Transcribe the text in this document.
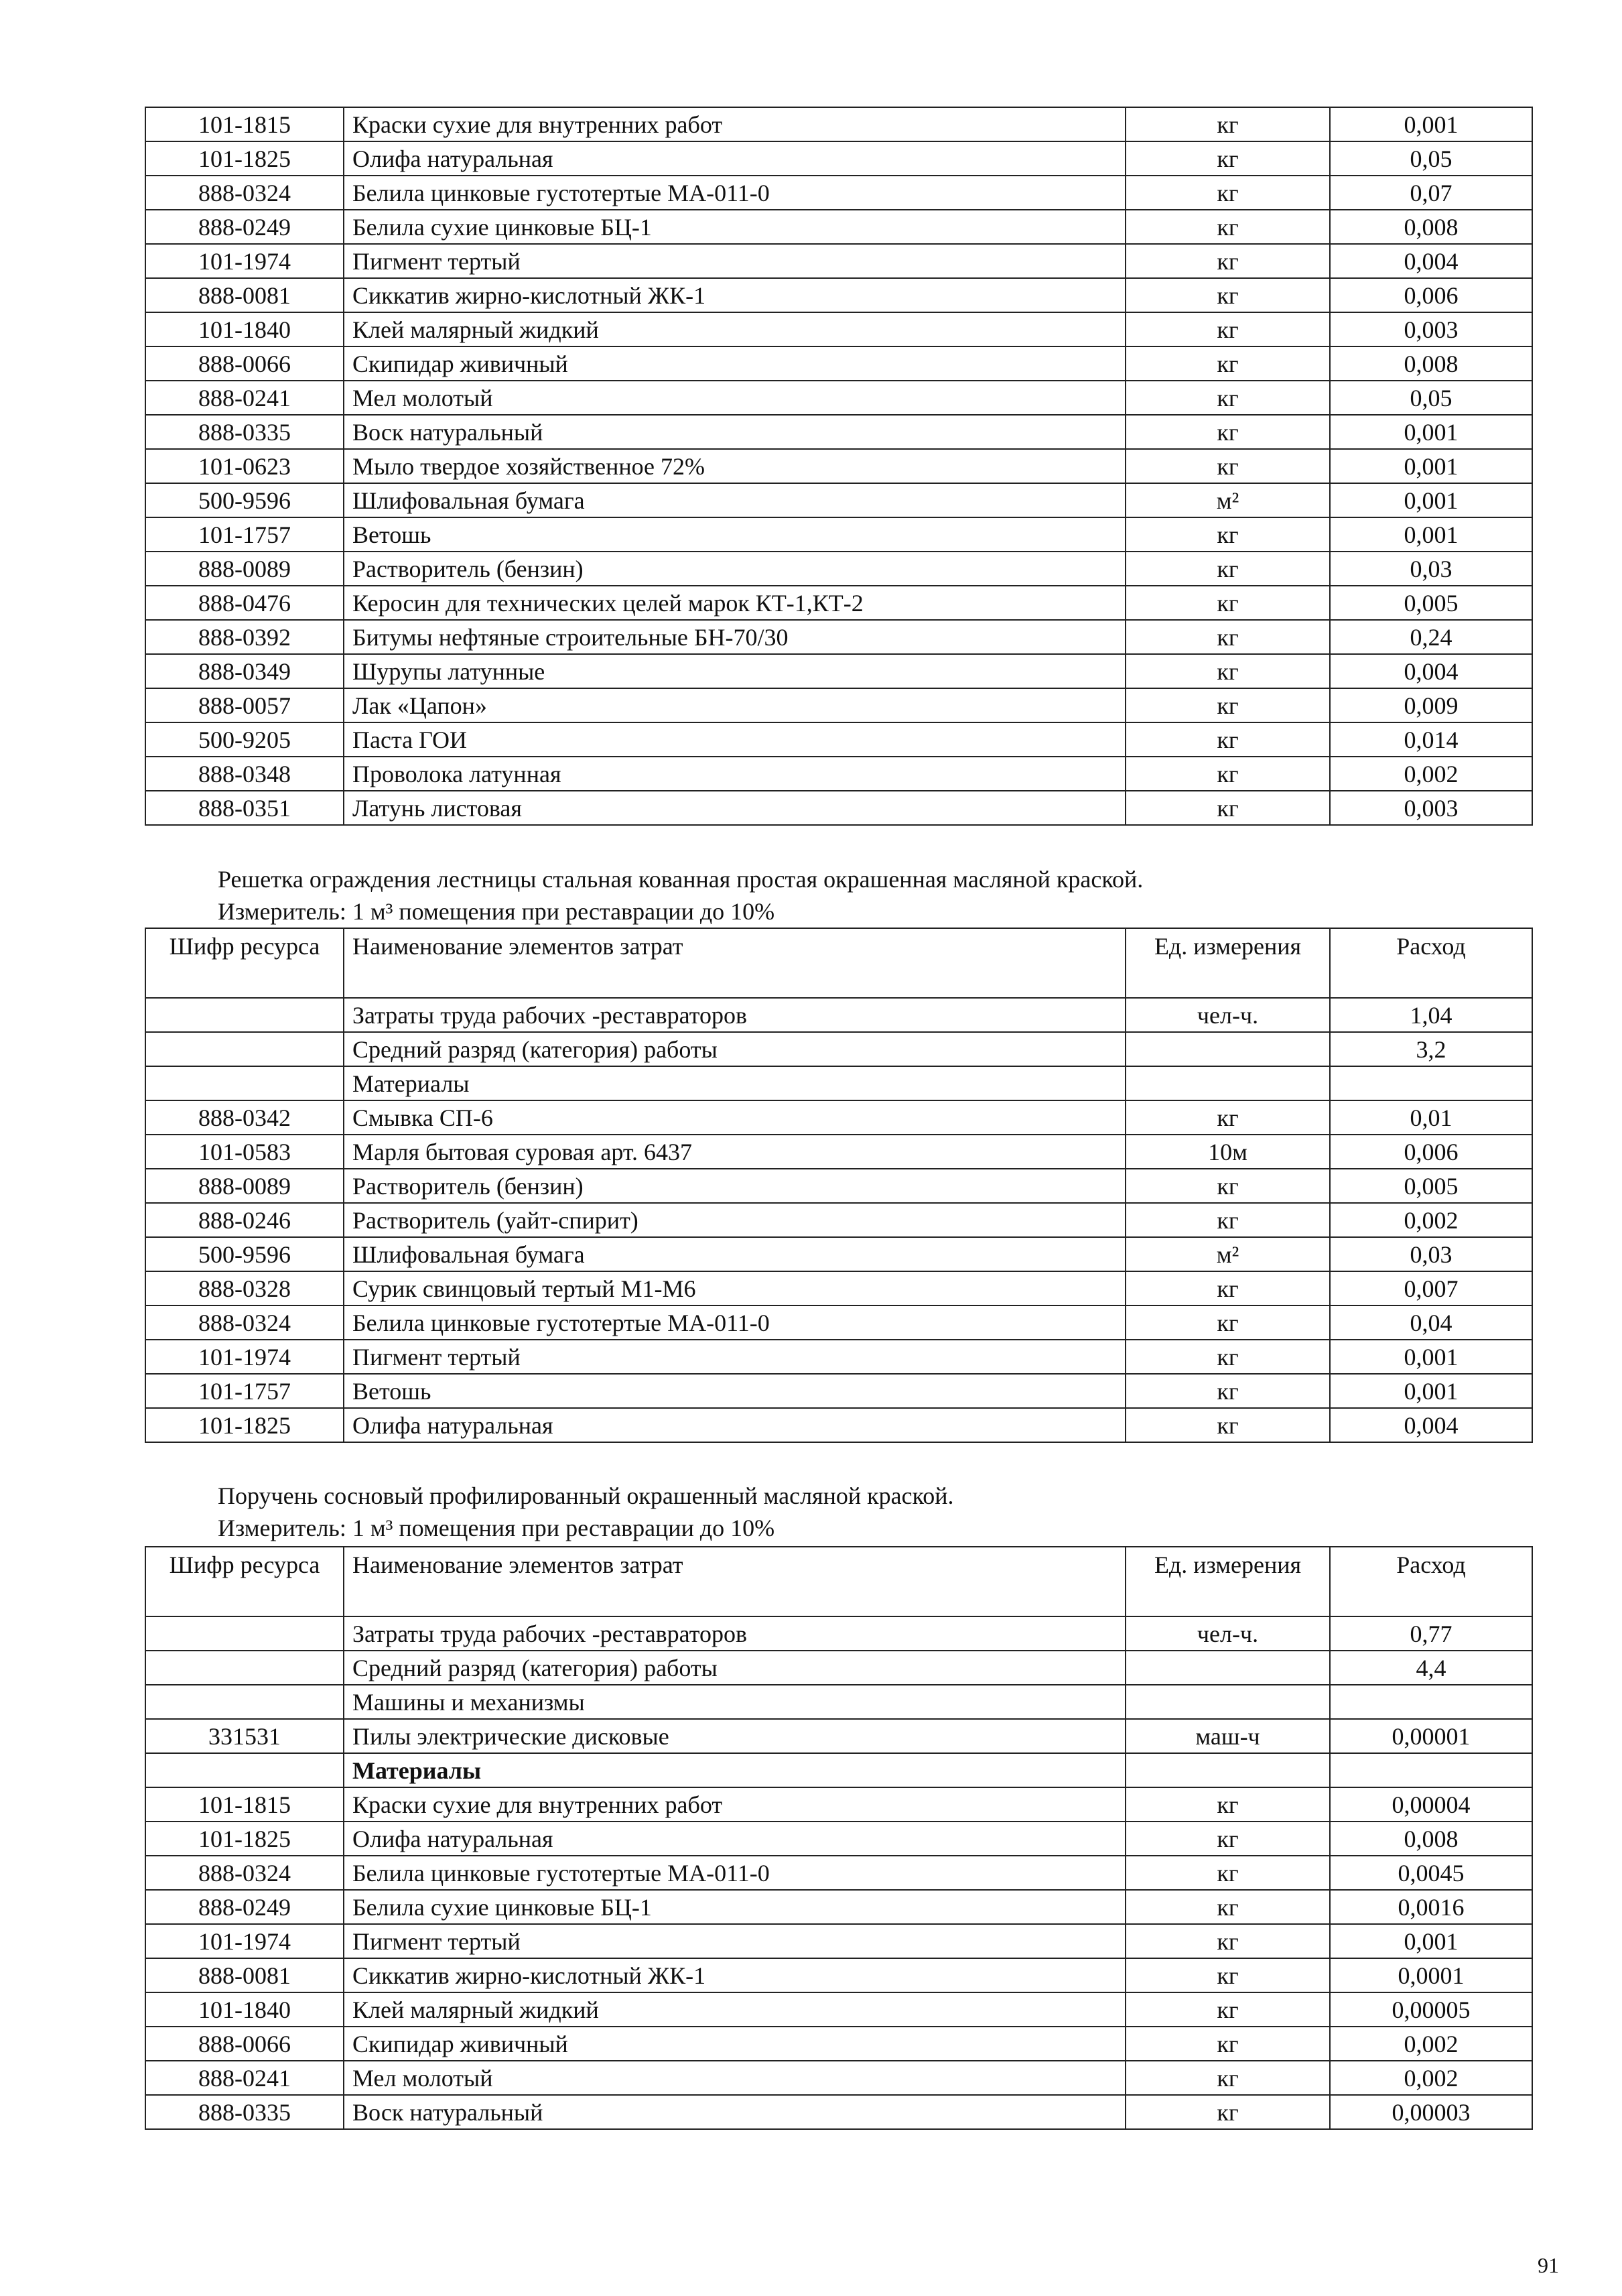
101-1815	Краски сухие для внутренних работ	кг	0,001
101-1825	Олифа натуральная	кг	0,05
888-0324	Белила цинковые густотертые МА-011-0	кг	0,07
888-0249	Белила сухие цинковые БЦ-1	кг	0,008
101-1974	Пигмент тертый	кг	0,004
888-0081	Сиккатив жирно-кислотный ЖК-1	кг	0,006
101-1840	Клей малярный жидкий	кг	0,003
888-0066	Скипидар живичный	кг	0,008
888-0241	Мел молотый	кг	0,05
888-0335	Воск натуральный	кг	0,001
101-0623	Мыло твердое хозяйственное 72%	кг	0,001
500-9596	Шлифовальная бумага	м²	0,001
101-1757	Ветошь	кг	0,001
888-0089	Растворитель (бензин)	кг	0,03
888-0476	Керосин для технических целей марок КТ-1,КТ-2	кг	0,005
888-0392	Битумы нефтяные строительные БН-70/30	кг	0,24
888-0349	Шурупы латунные	кг	0,004
888-0057	Лак «Цапон»	кг	0,009
500-9205	Паста ГОИ	кг	0,014
888-0348	Проволока латунная	кг	0,002
888-0351	Латунь листовая	кг	0,003
Решетка ограждения лестницы стальная кованная простая окрашенная масляной краской.
Измеритель: 1 м³ помещения при реставрации до 10%
Шифр ресурса	Наименование элементов затрат	Ед. измерения	Расход
	Затраты труда рабочих -реставраторов	чел-ч.	1,04
	Средний разряд (категория) работы		3,2
	Материалы		
888-0342	Смывка СП-6	кг	0,01
101-0583	Марля бытовая суровая арт. 6437	10м	0,006
888-0089	Растворитель (бензин)	кг	0,005
888-0246	Растворитель (уайт-спирит)	кг	0,002
500-9596	Шлифовальная бумага	м²	0,03
888-0328	Сурик свинцовый тертый М1-М6	кг	0,007
888-0324	Белила цинковые густотертые МА-011-0	кг	0,04
101-1974	Пигмент тертый	кг	0,001
101-1757	Ветошь	кг	0,001
101-1825	Олифа натуральная	кг	0,004
Поручень сосновый профилированный окрашенный масляной краской.
Измеритель: 1 м³ помещения при реставрации до 10%
Шифр ресурса	Наименование элементов затрат	Ед. измерения	Расход
	Затраты труда рабочих -реставраторов	чел-ч.	0,77
	Средний разряд (категория) работы		4,4
	Машины и механизмы		
331531	Пилы электрические дисковые	маш-ч	0,00001
	Материалы		
101-1815	Краски сухие для внутренних работ	кг	0,00004
101-1825	Олифа натуральная	кг	0,008
888-0324	Белила цинковые густотертые МА-011-0	кг	0,0045
888-0249	Белила сухие цинковые БЦ-1	кг	0,0016
101-1974	Пигмент тертый	кг	0,001
888-0081	Сиккатив жирно-кислотный ЖК-1	кг	0,0001
101-1840	Клей малярный жидкий	кг	0,00005
888-0066	Скипидар живичный	кг	0,002
888-0241	Мел молотый	кг	0,002
888-0335	Воск натуральный	кг	0,00003
91
